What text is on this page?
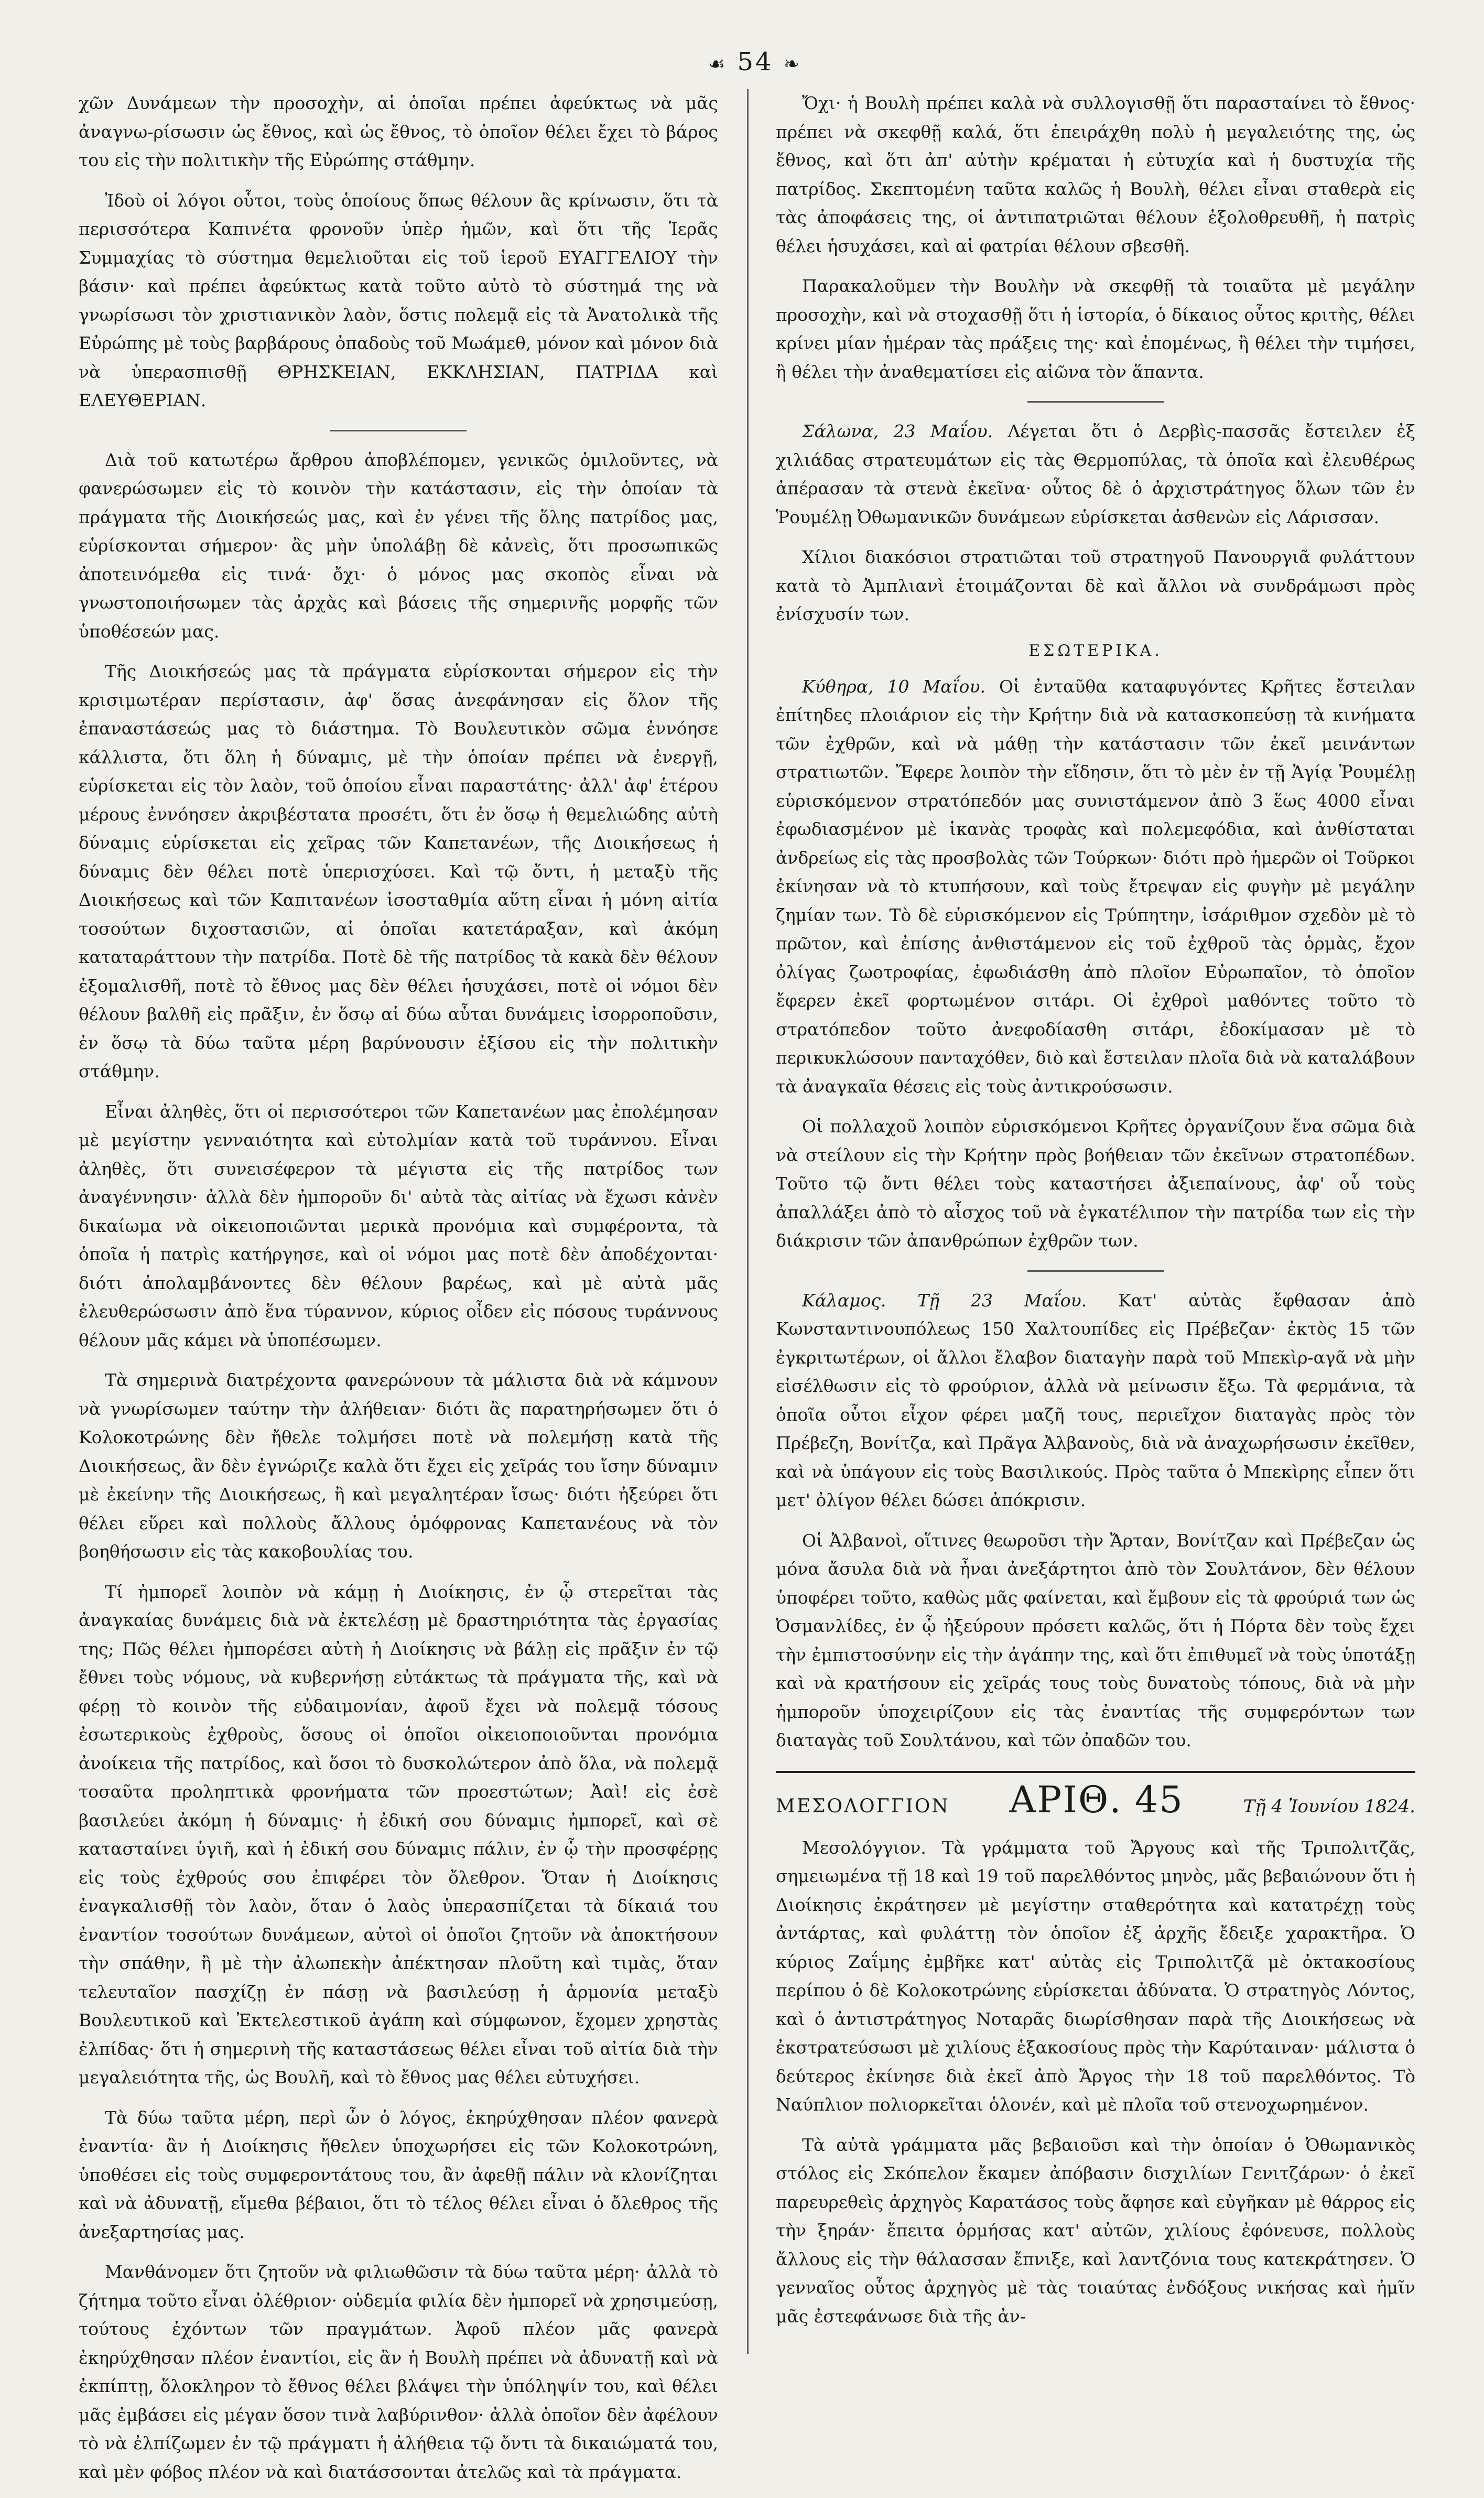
☙ 54 ❧

χῶν Δυνάμεων τὴν προσοχὴν, αἱ ὁποῖαι πρέπει ἀφεύκτως νὰ μᾶς ἀναγνω-ρίσωσιν ὡς ἔθνος, καὶ ὡς ἔθνος, τὸ ὁποῖον θέλει ἔχει τὸ βάρος του εἰς τὴν πολιτικὴν τῆς Εὐρώπης στάθμην.

Ἰδοὺ οἱ λόγοι οὗτοι, τοὺς ὁποίους ὅπως θέλουν ἂς κρίνωσιν, ὅτι τὰ περισσότερα Καπινέτα φρονοῦν ὑπὲρ ἡμῶν, καὶ ὅτι τῆς Ἱερᾶς Συμμαχίας τὸ σύστημα θεμελιοῦται εἰς τοῦ ἱεροῦ ΕΥΑΓΓΕΛΙΟΥ τὴν βάσιν· καὶ πρέπει ἀφεύκτως κατὰ τοῦτο αὐτὸ τὸ σύστημά της νὰ γνωρίσωσι τὸν χριστιανικὸν λαὸν, ὅστις πολεμᾷ εἰς τὰ Ἀνατολικὰ τῆς Εὐρώπης μὲ τοὺς βαρβάρους ὀπαδοὺς τοῦ Μωάμεθ, μόνον καὶ μόνον διὰ νὰ ὑπερασπισθῇ ΘΡΗΣΚΕΙΑΝ, ΕΚΚΛΗΣΙΑΝ, ΠΑΤΡΙΔΑ καὶ ΕΛΕΥΘΕΡΙΑΝ.

Διὰ τοῦ κατωτέρω ἄρθρου ἀποβλέπομεν, γενικῶς ὁμιλοῦντες, νὰ φανερώσωμεν εἰς τὸ κοινὸν τὴν κατάστασιν, εἰς τὴν ὁποίαν τὰ πράγματα τῆς Διοικήσεώς μας, καὶ ἐν γένει τῆς ὅλης πατρίδος μας, εὑρίσκονται σήμερον· ἂς μὴν ὑπολάβῃ δὲ κἀνεὶς, ὅτι προσωπικῶς ἀποτεινόμεθα εἰς τινά· ὄχι· ὁ μόνος μας σκοπὸς εἶναι νὰ γνωστοποιήσωμεν τὰς ἀρχὰς καὶ βάσεις τῆς σημερινῆς μορφῆς τῶν ὑποθέσεών μας.

Τῆς Διοικήσεώς μας τὰ πράγματα εὑρίσκονται σήμερον εἰς τὴν κρισιμωτέραν περίστασιν, ἀφ' ὅσας ἀνεφάνησαν εἰς ὅλον τῆς ἐπαναστάσεώς μας τὸ διάστημα. Τὸ Βουλευτικὸν σῶμα ἐννόησε κάλλιστα, ὅτι ὅλη ἡ δύναμις, μὲ τὴν ὁποίαν πρέπει νὰ ἐνεργῇ, εὑρίσκεται εἰς τὸν λαὸν, τοῦ ὁποίου εἶναι παραστάτης· ἀλλ' ἀφ' ἑτέρου μέρους ἐννόησεν ἀκριβέστατα προσέτι, ὅτι ἐν ὅσῳ ἡ θεμελιώδης αὐτὴ δύναμις εὑρίσκεται εἰς χεῖρας τῶν Καπετανέων, τῆς Διοικήσεως ἡ δύναμις δὲν θέλει ποτὲ ὑπερισχύσει. Καὶ τῷ ὄντι, ἡ μεταξὺ τῆς Διοικήσεως καὶ τῶν Καπιτανέων ἰσοσταθμία αὕτη εἶναι ἡ μόνη αἰτία τοσούτων διχοστασιῶν, αἱ ὁποῖαι κατετάραξαν, καὶ ἀκόμη καταταράττουν τὴν πατρίδα. Ποτὲ δὲ τῆς πατρίδος τὰ κακὰ δὲν θέλουν ἐξομαλισθῆ, ποτὲ τὸ ἔθνος μας δὲν θέλει ἡσυχάσει, ποτὲ οἱ νόμοι δὲν θέλουν βαλθῆ εἰς πρᾶξιν, ἐν ὅσῳ αἱ δύω αὗται δυνάμεις ἰσορροποῦσιν, ἐν ὅσῳ τὰ δύω ταῦτα μέρη βαρύνουσιν ἐξίσου εἰς τὴν πολιτικὴν στάθμην.

Εἶναι ἀληθὲς, ὅτι οἱ περισσότεροι τῶν Καπετανέων μας ἐπολέμησαν μὲ μεγίστην γενναιότητα καὶ εὐτολμίαν κατὰ τοῦ τυράννου. Εἶναι ἀληθὲς, ὅτι συνεισέφερον τὰ μέγιστα εἰς τῆς πατρίδος των ἀναγέννησιν· ἀλλὰ δὲν ἠμποροῦν δι' αὐτὰ τὰς αἰτίας νὰ ἔχωσι κἀνὲν δικαίωμα νὰ οἰκειοποιῶνται μερικὰ προνόμια καὶ συμφέροντα, τὰ ὁποῖα ἡ πατρὶς κατήργησε, καὶ οἱ νόμοι μας ποτὲ δὲν ἀποδέχονται· διότι ἀπολαμβάνοντες δὲν θέλουν βαρέως, καὶ μὲ αὐτὰ μᾶς ἐλευθερώσωσιν ἀπὸ ἕνα τύραννον, κύριος οἶδεν εἰς πόσους τυράννους θέλουν μᾶς κάμει νὰ ὑποπέσωμεν.

Τὰ σημερινὰ διατρέχοντα φανερώνουν τὰ μάλιστα διὰ νὰ κάμνουν νὰ γνωρίσωμεν ταύτην τὴν ἀλήθειαν· διότι ἂς παρατηρήσωμεν ὅτι ὁ Κολοκοτρώνης δὲν ἤθελε τολμήσει ποτὲ νὰ πολεμήσῃ κατὰ τῆς Διοικήσεως, ἂν δὲν ἐγνώριζε καλὰ ὅτι ἔχει εἰς χεῖράς του ἴσην δύναμιν μὲ ἐκείνην τῆς Διοικήσεως, ἢ καὶ μεγαλητέραν ἴσως· διότι ἠξεύρει ὅτι θέλει εὕρει καὶ πολλοὺς ἄλλους ὁμόφρονας Καπετανέους νὰ τὸν βοηθήσωσιν εἰς τὰς κακοβουλίας του.

Τί ἠμπορεῖ λοιπὸν νὰ κάμῃ ἡ Διοίκησις, ἐν ᾧ στερεῖται τὰς ἀναγκαίας δυνάμεις διὰ νὰ ἐκτελέσῃ μὲ δραστηριότητα τὰς ἐργασίας της; Πῶς θέλει ἠμπορέσει αὐτὴ ἡ Διοίκησις νὰ βάλῃ εἰς πρᾶξιν ἐν τῷ ἔθνει τοὺς νόμους, νὰ κυβερνήσῃ εὐτάκτως τὰ πράγματα τῆς, καὶ νὰ φέρῃ τὸ κοινὸν τῆς εὐδαιμονίαν, ἀφοῦ ἔχει νὰ πολεμᾷ τόσους ἐσωτερικοὺς ἐχθροὺς, ὅσους οἱ ὁποῖοι οἰκειοποιοῦνται προνόμια ἀνοίκεια τῆς πατρίδος, καὶ ὅσοι τὸ δυσκολώτερον ἀπὸ ὅλα, νὰ πολεμᾷ τοσαῦτα προληπτικὰ φρονήματα τῶν προεστώτων; Ἀαὶ! εἰς ἐσὲ βασιλεύει ἀκόμη ἡ δύναμις· ἡ ἐδική σου δύναμις ἠμπορεῖ, καὶ σὲ κατασταίνει ὑγιῆ, καὶ ἡ ἐδική σου δύναμις πάλιν, ἐν ᾧ τὴν προσφέρῃς εἰς τοὺς ἐχθρούς σου ἐπιφέρει τὸν ὄλεθρον. Ὅταν ἡ Διοίκησις ἐναγκαλισθῇ τὸν λαὸν, ὅταν ὁ λαὸς ὑπερασπίζεται τὰ δίκαιά του ἐναντίον τοσούτων δυνάμεων, αὐτοὶ οἱ ὁποῖοι ζητοῦν νὰ ἀποκτήσουν τὴν σπάθην, ἢ μὲ τὴν ἀλωπεκὴν ἀπέκτησαν πλοῦτη καὶ τιμὰς, ὅταν τελευταῖον πασχίζῃ ἐν πάσῃ νὰ βασιλεύσῃ ἡ ἁρμονία μεταξὺ Βουλευτικοῦ καὶ Ἐκτελεστικοῦ ἀγάπη καὶ σύμφωνον, ἔχομεν χρηστὰς ἐλπίδας· ὅτι ἡ σημερινὴ τῆς καταστάσεως θέλει εἶναι τοῦ αἰτία διὰ τὴν μεγαλειότητα τῆς, ὡς Βουλῆ, καὶ τὸ ἔθνος μας θέλει εὐτυχήσει.

Τὰ δύω ταῦτα μέρη, περὶ ὧν ὁ λόγος, ἐκηρύχθησαν πλέον φανερὰ ἐναντία· ἂν ἡ Διοίκησις ἤθελεν ὑποχωρήσει εἰς τῶν Κολοκοτρώνη, ὑποθέσει εἰς τοὺς συμφεροντάτους του, ἂν ἀφεθῇ πάλιν νὰ κλονίζηται καὶ νὰ ἀδυνατῇ, εἴμεθα βέβαιοι, ὅτι τὸ τέλος θέλει εἶναι ὁ ὄλεθρος τῆς ἀνεξαρτησίας μας.

Μανθάνομεν ὅτι ζητοῦν νὰ φιλιωθῶσιν τὰ δύω ταῦτα μέρη· ἀλλὰ τὸ ζήτημα τοῦτο εἶναι ὀλέθριον· οὐδεμία φιλία δὲν ἠμπορεῖ νὰ χρησιμεύσῃ, τούτους ἐχόντων τῶν πραγμάτων. Ἀφοῦ πλέον μᾶς φανερὰ ἐκηρύχθησαν πλέον ἐναντίοι, εἰς ἂν ἡ Βουλὴ πρέπει νὰ ἀδυνατῇ καὶ νὰ ἐκπίπτῃ, ὅλοκληρον τὸ ἔθνος θέλει βλάψει τὴν ὑπόληψίν του, καὶ θέλει μᾶς ἐμβάσει εἰς μέγαν ὅσον τινὰ λαβύρινθον· ἀλλὰ ὁποῖον δὲν ἀφέλουν τὸ νὰ ἐλπίζωμεν ἐν τῷ πράγματι ἡ ἀλήθεια τῷ ὄντι τὰ δικαιώματά του, καὶ μὲν φόβος πλέον νὰ καὶ διατάσσονται ἀτελῶς καὶ τὰ πράγματα.

Ὄχι· ἡ Βουλὴ πρέπει καλὰ νὰ συλλογισθῇ ὅτι παρασταίνει τὸ ἔθνος· πρέπει νὰ σκεφθῇ καλά, ὅτι ἐπειράχθη πολὺ ἡ μεγαλειότης της, ὡς ἔθνος, καὶ ὅτι ἀπ' αὐτὴν κρέμαται ἡ εὐτυχία καὶ ἡ δυστυχία τῆς πατρίδος. Σκεπτομένη ταῦτα καλῶς ἡ Βουλὴ, θέλει εἶναι σταθερὰ εἰς τὰς ἀποφάσεις της, οἱ ἀντιπατριῶται θέλουν ἐξολοθρευθῆ, ἡ πατρὶς θέλει ἡσυχάσει, καὶ αἱ φατρίαι θέλουν σβεσθῆ.

Παρακαλοῦμεν τὴν Βουλὴν νὰ σκεφθῇ τὰ τοιαῦτα μὲ μεγάλην προσοχὴν, καὶ νὰ στοχασθῇ ὅτι ἡ ἱστορία, ὁ δίκαιος οὗτος κριτὴς, θέλει κρίνει μίαν ἡμέραν τὰς πράξεις της· καὶ ἐπομένως, ἢ θέλει τὴν τιμήσει, ἢ θέλει τὴν ἀναθεματίσει εἰς αἰῶνα τὸν ἅπαντα.

Σάλωνα, 23 Μαΐου. Λέγεται ὅτι ὁ Δερβὶς-πασσᾶς ἔστειλεν ἐξ χιλιάδας στρατευμάτων εἰς τὰς Θερμοπύλας, τὰ ὁποῖα καὶ ἐλευθέρως ἀπέρασαν τὰ στενὰ ἐκεῖνα· οὗτος δὲ ὁ ἀρχιστράτηγος ὅλων τῶν ἐν Ῥουμέλῃ Ὀθωμανικῶν δυνάμεων εὑρίσκεται ἀσθενὼν εἰς Λάρισσαν.

Χίλιοι διακόσιοι στρατιῶται τοῦ στρατηγοῦ Πανουργιᾶ φυλάττουν κατὰ τὸ Ἀμπλιανὶ ἑτοιμάζονται δὲ καὶ ἄλλοι νὰ συνδράμωσι πρὸς ἐνίσχυσίν των.

ΕΣΩΤΕΡΙΚΑ.

Κύθηρα, 10 Μαΐου. Οἱ ἐνταῦθα καταφυγόντες Κρῆτες ἔστειλαν ἐπίτηδες πλοιάριον εἰς τὴν Κρήτην διὰ νὰ κατασκοπεύσῃ τὰ κινήματα τῶν ἐχθρῶν, καὶ νὰ μάθῃ τὴν κατάστασιν τῶν ἐκεῖ μεινάντων στρατιωτῶν. Ἔφερε λοιπὸν τὴν εἴδησιν, ὅτι τὸ μὲν ἐν τῇ Ἁγίᾳ Ῥουμέλῃ εὑρισκόμενον στρατόπεδόν μας συνιστάμενον ἀπὸ 3 ἕως 4000 εἶναι ἐφωδιασμένον μὲ ἱκανὰς τροφὰς καὶ πολεμεφόδια, καὶ ἀνθίσταται ἀνδρείως εἰς τὰς προσβολὰς τῶν Τούρκων· διότι πρὸ ἡμερῶν οἱ Τοῦρκοι ἐκίνησαν νὰ τὸ κτυπήσουν, καὶ τοὺς ἔτρεψαν εἰς φυγὴν μὲ μεγάλην ζημίαν των. Τὸ δὲ εὑρισκόμενον εἰς Τρύπητην, ἰσάριθμον σχεδὸν μὲ τὸ πρῶτον, καὶ ἐπίσης ἀνθιστάμενον εἰς τοῦ ἐχθροῦ τὰς ὁρμὰς, ἔχον ὀλίγας ζωοτροφίας, ἐφωδιάσθη ἀπὸ πλοῖον Εὐρωπαῖον, τὸ ὁποῖον ἔφερεν ἐκεῖ φορτωμένον σιτάρι. Οἱ ἐχθροὶ μαθόντες τοῦτο τὸ στρατόπεδον τοῦτο ἀνεφοδίασθη σιτάρι, ἐδοκίμασαν μὲ τὸ περικυκλώσουν πανταχόθεν, διὸ καὶ ἔστειλαν πλοῖα διὰ νὰ καταλάβουν τὰ ἀναγκαῖα θέσεις εἰς τοὺς ἀντικρούσωσιν.

Οἱ πολλαχοῦ λοιπὸν εὑρισκόμενοι Κρῆτες ὀργανίζουν ἕνα σῶμα διὰ νὰ στείλουν εἰς τὴν Κρήτην πρὸς βοήθειαν τῶν ἐκεῖνων στρατοπέδων. Τοῦτο τῷ ὄντι θέλει τοὺς καταστήσει ἀξιεπαίνους, ἀφ' οὗ τοὺς ἀπαλλάξει ἀπὸ τὸ αἶσχος τοῦ νὰ ἐγκατέλιπον τὴν πατρίδα των εἰς τὴν διάκρισιν τῶν ἀπανθρώπων ἐχθρῶν των.

Κάλαμος. Τῇ 23 Μαΐου. Κατ' αὐτὰς ἔφθασαν ἀπὸ Κωνσταντινουπόλεως 150 Χαλτουπίδες εἰς Πρέβεζαν· ἐκτὸς 15 τῶν ἐγκριτωτέρων, οἱ ἄλλοι ἔλαβον διαταγὴν παρὰ τοῦ Μπεκὶρ-αγᾶ νὰ μὴν εἰσέλθωσιν εἰς τὸ φρούριον, ἀλλὰ νὰ μείνωσιν ἔξω. Τὰ φερμάνια, τὰ ὁποῖα οὗτοι εἶχον φέρει μαζῆ τους, περιεῖχον διαταγὰς πρὸς τὸν Πρέβεζη, Βονίτζα, καὶ Πρᾶγα Ἀλβανοὺς, διὰ νὰ ἀναχωρήσωσιν ἐκεῖθεν, καὶ νὰ ὑπάγουν εἰς τοὺς Βασιλικούς. Πρὸς ταῦτα ὁ Μπεκὶρης εἶπεν ὅτι μετ' ὀλίγον θέλει δώσει ἀπόκρισιν.

Οἱ Ἀλβανοὶ, οἵτινες θεωροῦσι τὴν Ἄρταν, Βονίτζαν καὶ Πρέβεζαν ὡς μόνα ἄσυλα διὰ νὰ ἦναι ἀνεξάρτητοι ἀπὸ τὸν Σουλτάνον, δὲν θέλουν ὑποφέρει τοῦτο, καθὼς μᾶς φαίνεται, καὶ ἔμβουν εἰς τὰ φρούριά των ὡς Ὀσμανλίδες, ἐν ᾧ ἠξεύρουν πρόσετι καλῶς, ὅτι ἡ Πόρτα δὲν τοὺς ἔχει τὴν ἐμπιστοσύνην εἰς τὴν ἀγάπην της, καὶ ὅτι ἐπιθυμεῖ νὰ τοὺς ὑποτάξῃ καὶ νὰ κρατήσουν εἰς χεῖράς τους τοὺς δυνατοὺς τόπους, διὰ νὰ μὴν ἠμποροῦν ὑποχειρίζουν εἰς τὰς ἐναντίας τῆς συμφερόντων των διαταγὰς τοῦ Σουλτάνου, καὶ τῶν ὀπαδῶν του.

ΜΕΣΟΛΟΓΓΙΟΝ ΑΡΙΘ. 45	Τῇ 4 Ἰουνίου 1824.

Μεσολόγγιον. Τὰ γράμματα τοῦ Ἄργους καὶ τῆς Τριπολιτζᾶς, σημειωμένα τῇ 18 καὶ 19 τοῦ παρελθόντος μηνὸς, μᾶς βεβαιώνουν ὅτι ἡ Διοίκησις ἐκράτησεν μὲ μεγίστην σταθερότητα καὶ κατατρέχῃ τοὺς ἀντάρτας, καὶ φυλάττῃ τὸν ὁποῖον ἐξ ἀρχῆς ἔδειξε χαρακτῆρα. Ὁ κύριος Ζαΐμης ἐμβῆκε κατ' αὐτὰς εἰς Τριπολιτζᾶ μὲ ὀκτακοσίους περίπου ὁ δὲ Κολοκοτρώνης εὑρίσκεται ἀδύνατα. Ὁ στρατηγὸς Λόντος, καὶ ὁ ἀντιστράτηγος Νοταρᾶς διωρίσθησαν παρὰ τῆς Διοικήσεως νὰ ἐκστρατεύσωσι μὲ χιλίους ἑξακοσίους πρὸς τὴν Καρύταιναν· μάλιστα ὁ δεύτερος ἐκίνησε διὰ ἐκεῖ ἀπὸ Ἄργος τὴν 18 τοῦ παρελθόντος. Τὸ Ναύπλιον πολιορκεῖται ὁλονέν, καὶ μὲ πλοῖα τοῦ στενοχωρημένον.

Τὰ αὐτὰ γράμματα μᾶς βεβαιοῦσι καὶ τὴν ὁποίαν ὁ Ὀθωμανικὸς στόλος εἰς Σκόπελον ἔκαμεν ἀπόβασιν δισχιλίων Γενιτζάρων· ὁ ἐκεῖ παρευρεθεὶς ἀρχηγὸς Καρατάσος τοὺς ἄφησε καὶ εὐγῆκαν μὲ θάρρος εἰς τὴν ξηράν· ἔπειτα ὁρμήσας κατ' αὐτῶν, χιλίους ἐφόνευσε, πολλοὺς ἄλλους εἰς τὴν θάλασσαν ἔπνιξε, καὶ λαντζόνια τους κατεκράτησεν. Ὁ γενναῖος οὗτος ἀρχηγὸς μὲ τὰς τοιαύτας ἐνδόξους νικήσας καὶ ἠμῖν μᾶς ἐστεφάνωσε διὰ τῆς ἀν-
